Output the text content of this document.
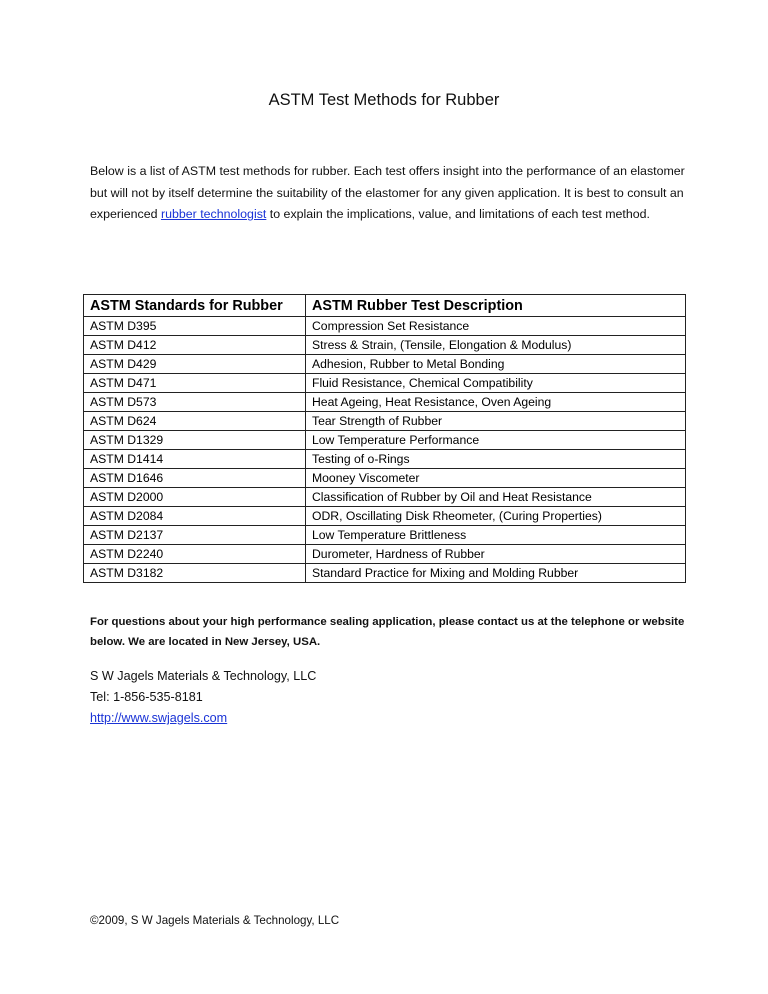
ASTM Test Methods for Rubber
Below is a list of ASTM test methods for rubber. Each test offers insight into the performance of an elastomer but will not by itself determine the suitability of the elastomer for any given application. It is best to consult an experienced rubber technologist to explain the implications, value, and limitations of each test method.
ASTM Standards for Rubber	ASTM Rubber Test Description
ASTM D395	Compression Set Resistance
ASTM D412	Stress & Strain, (Tensile, Elongation & Modulus)
ASTM D429	Adhesion, Rubber to Metal Bonding
ASTM D471	Fluid Resistance, Chemical Compatibility
ASTM D573	Heat Ageing, Heat Resistance, Oven Ageing
ASTM D624	Tear Strength of Rubber
ASTM D1329	Low Temperature Performance
ASTM D1414	Testing of o-Rings
ASTM D1646	Mooney Viscometer
ASTM D2000	Classification of Rubber by Oil and Heat Resistance
ASTM D2084	ODR, Oscillating Disk Rheometer, (Curing Properties)
ASTM D2137	Low Temperature Brittleness
ASTM D2240	Durometer, Hardness of Rubber
ASTM D3182	Standard Practice for Mixing and Molding Rubber
For questions about your high performance sealing application, please contact us at the telephone or website below. We are located in New Jersey, USA.
S W Jagels Materials & Technology, LLC
Tel: 1-856-535-8181
http://www.swjagels.com
©2009, S W Jagels Materials & Technology, LLC
